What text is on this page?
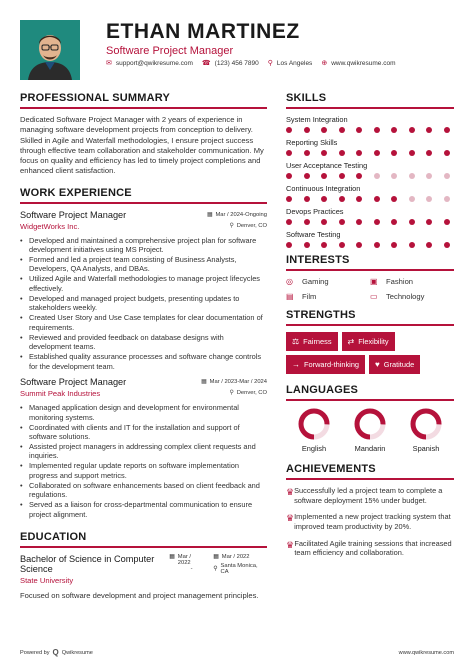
ETHAN MARTINEZ
Software Project Manager
✉ support@qwikresume.com ☎ (123) 456 7890 ⚲ Los Angeles ⊕ www.qwikresume.com
PROFESSIONAL SUMMARY
Dedicated Software Project Manager with 2 years of experience in managing software development projects from conception to delivery. Skilled in Agile and Waterfall methodologies, I ensure project success through effective team collaboration and stakeholder communication. My focus on quality and efficiency has led to timely project completions and enhanced client satisfaction.
WORK EXPERIENCE
Software Project Manager
WidgetWorks Inc.
▦ Mar / 2024-Ongoing

⚲ Denver, CO
• Developed and maintained a comprehensive project plan for software development initiatives using MS Project.
• Formed and led a project team consisting of Business Analysts, Developers, QA Analysts, and DBAs.
• Utilized Agile and Waterfall methodologies to manage project lifecycles effectively.
• Developed and managed project budgets, presenting updates to stakeholders weekly.
• Created User Story and Use Case templates for clear documentation of requirements.
• Reviewed and provided feedback on database designs with development teams.
• Established quality assurance processes and software change controls for the development team.
Software Project Manager
Summit Peak Industries
▦ Mar / 2023-Mar / 2024

⚲ Denver, CO
• Managed application design and development for environmental monitoring systems.
• Coordinated with clients and IT for the installation and support of software solutions.
• Assisted project managers in addressing complex client requests and inquiries.
• Implemented regular update reports on software implementation progress and support metrics.
• Collaborated on software enhancements based on client feedback and regulations.
• Served as a liaison for cross-departmental communication to ensure project alignment.
EDUCATION
Bachelor of Science in Computer Science
State University
▦ Mar / 2022
-
▦ Mar / 2022
⚲ Santa Monica, CA
Focused on software development and project management principles.
SKILLS
System Integration
Reporting Skills
User Acceptance Testing
Continuous Integration
Devops Practices
Software Testing
INTERESTS
◎	Gaming	▣	Fashion
▤	Film	▭	Technology
STRENGTHS
⚖ Fairness ⇄ Flexibility
→ Forward-thinking ♥ Gratitude
LANGUAGES
English	Mandarin	Spanish
ACHIEVEMENTS
♛ Successfully led a project team to complete a software deployment 15% under budget.
♛ Implemented a new project tracking system that improved team productivity by 20%.
♛ Facilitated Agile training sessions that increased team efficiency and collaboration.
Powered by Q Qwikresume	www.qwikresume.com
